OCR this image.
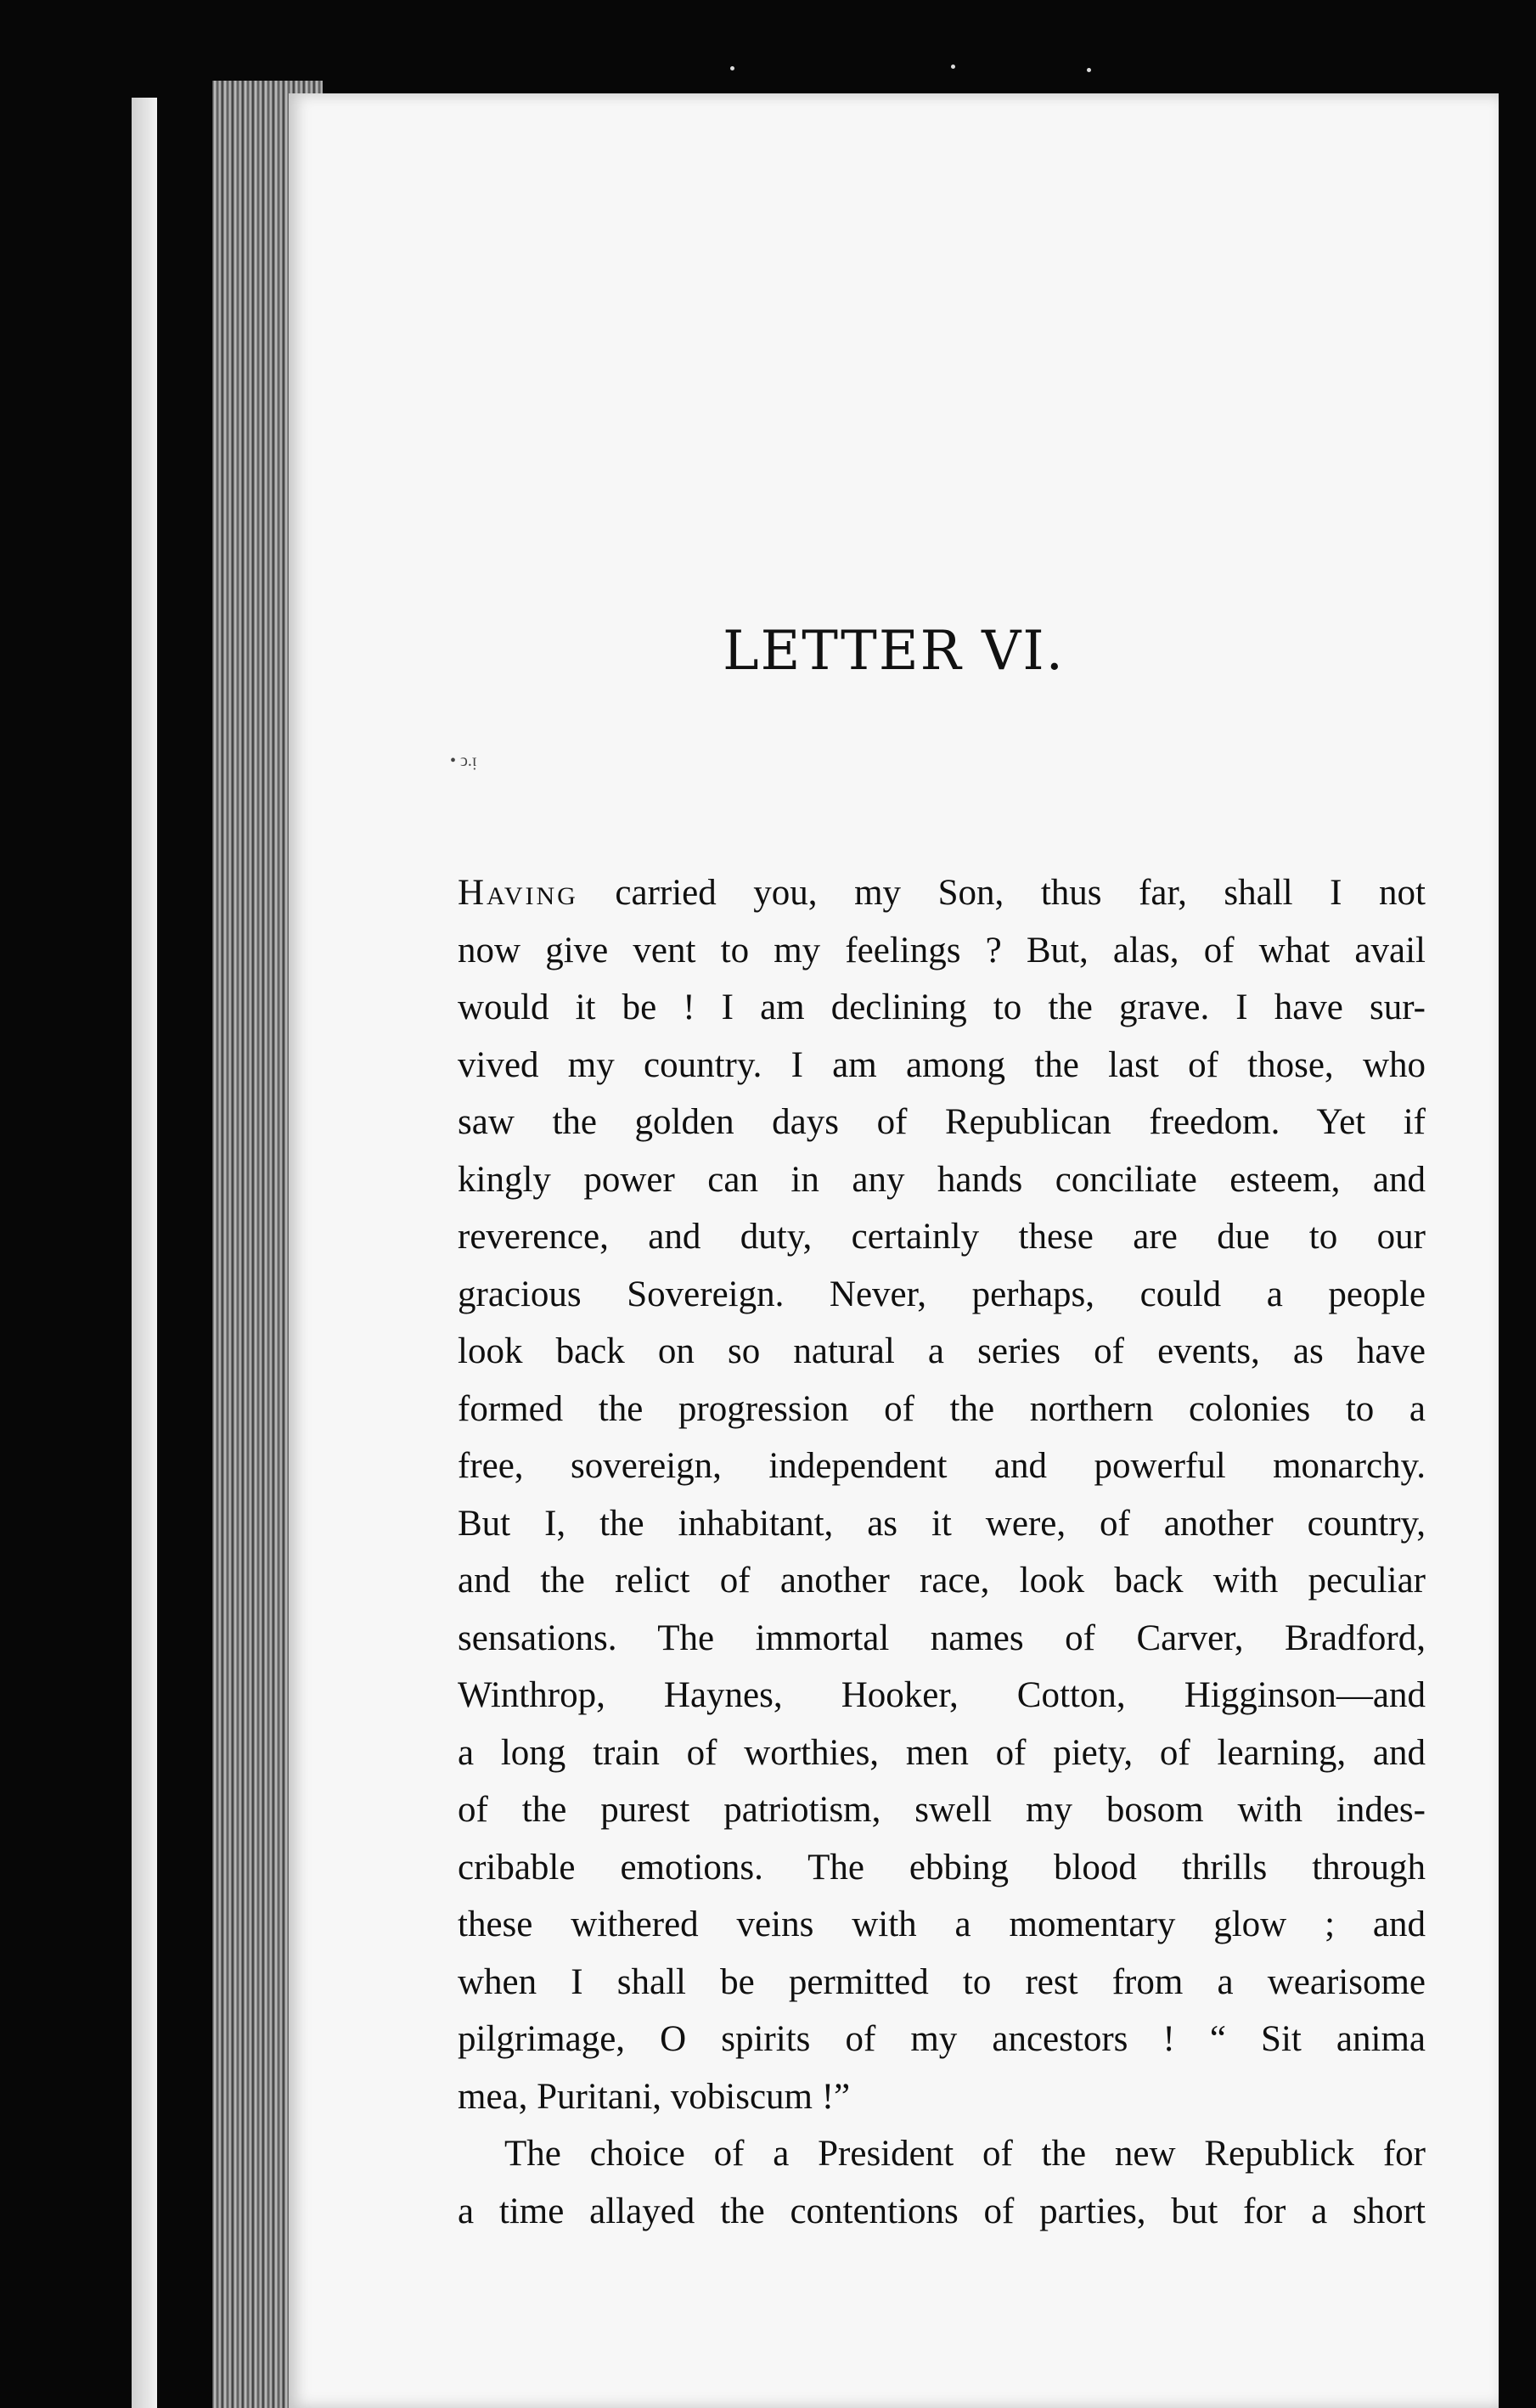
LETTER VI.
• ↄ.ᴉ
Having carried you, my Son, thus far, shall I not
now give vent to my feelings ? But, alas, of what avail
would it be ! I am declining to the grave. I have sur-
vived my country. I am among the last of those, who
saw the golden days of Republican freedom. Yet if
kingly power can in any hands conciliate esteem, and
reverence, and duty, certainly these are due to our
gracious Sovereign. Never, perhaps, could a people
look back on so natural a series of events, as have
formed the progression of the northern colonies to a
free, sovereign, independent and powerful monarchy.
But I, the inhabitant, as it were, of another country,
and the relict of another race, look back with peculiar
sensations. The immortal names of Carver, Bradford,
Winthrop, Haynes, Hooker, Cotton, Higginson—and
a long train of worthies, men of piety, of learning, and
of the purest patriotism, swell my bosom with indes-
cribable emotions. The ebbing blood thrills through
these withered veins with a momentary glow ; and
when I shall be permitted to rest from a wearisome
pilgrimage, O spirits of my ancestors ! “ Sit anima
mea, Puritani, vobiscum !”
The choice of a President of the new Republick for
a time allayed the contentions of parties, but for a short
